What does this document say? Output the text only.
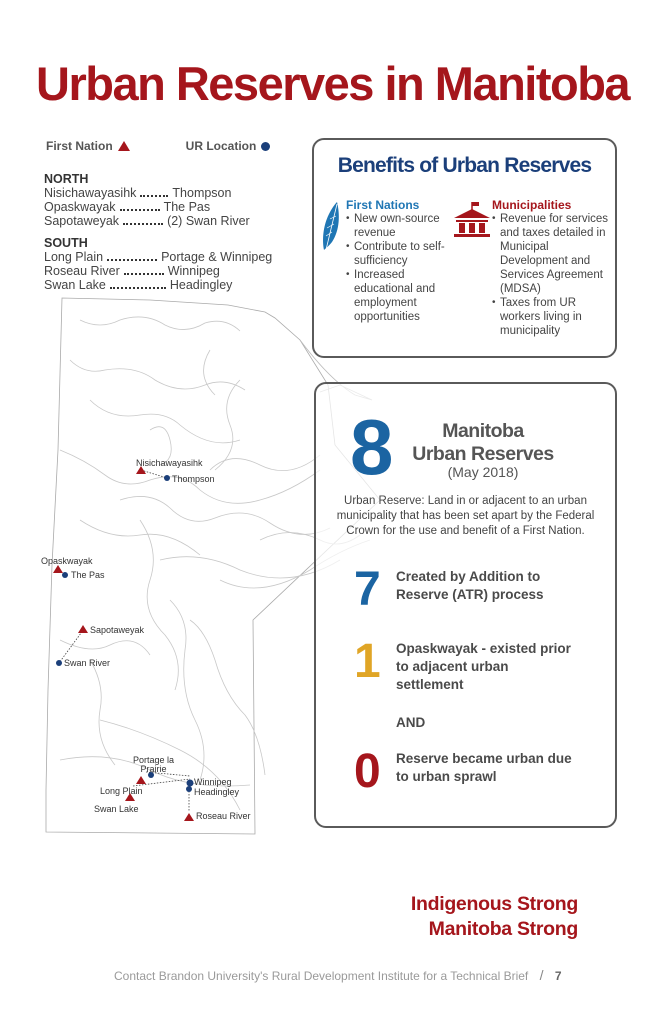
Urban Reserves in Manitoba
First Nation	UR Location
NORTH
Nisichawayasihk	Thompson
Opaskwayak	The Pas
Sapotaweyak	(2) Swan River
SOUTH
Long Plain	Portage & Winnipeg
Roseau River	Winnipeg
Swan Lake	Headingley
Nisichawayasihk
Thompson
Opaskwayak
The Pas
Sapotaweyak
Swan River
Portage la
Prairie
Long Plain
Swan Lake
Winnipeg
Headingley
Roseau River
Benefits of Urban Reserves
First Nations
• New own-source revenue
• Contribute to self-sufficiency
• Increased educational and employment opportunities
Municipalities
• Revenue for services and taxes detailed in Municipal Development and Services Agreement (MDSA)
• Taxes from UR workers living in municipality
8	Manitoba
Urban Reserves
(May 2018)
Urban Reserve: Land in or adjacent to an urban municipality that has been set apart by the Federal Crown for the use and benefit of a First Nation.
7	Created by Addition to Reserve (ATR) process
1	Opaskwayak - existed prior to adjacent urban settlement
AND
0	Reserve became urban due to urban sprawl
Indigenous Strong
Manitoba Strong
Contact Brandon University's Rural Development Institute for a Technical Brief / 7
